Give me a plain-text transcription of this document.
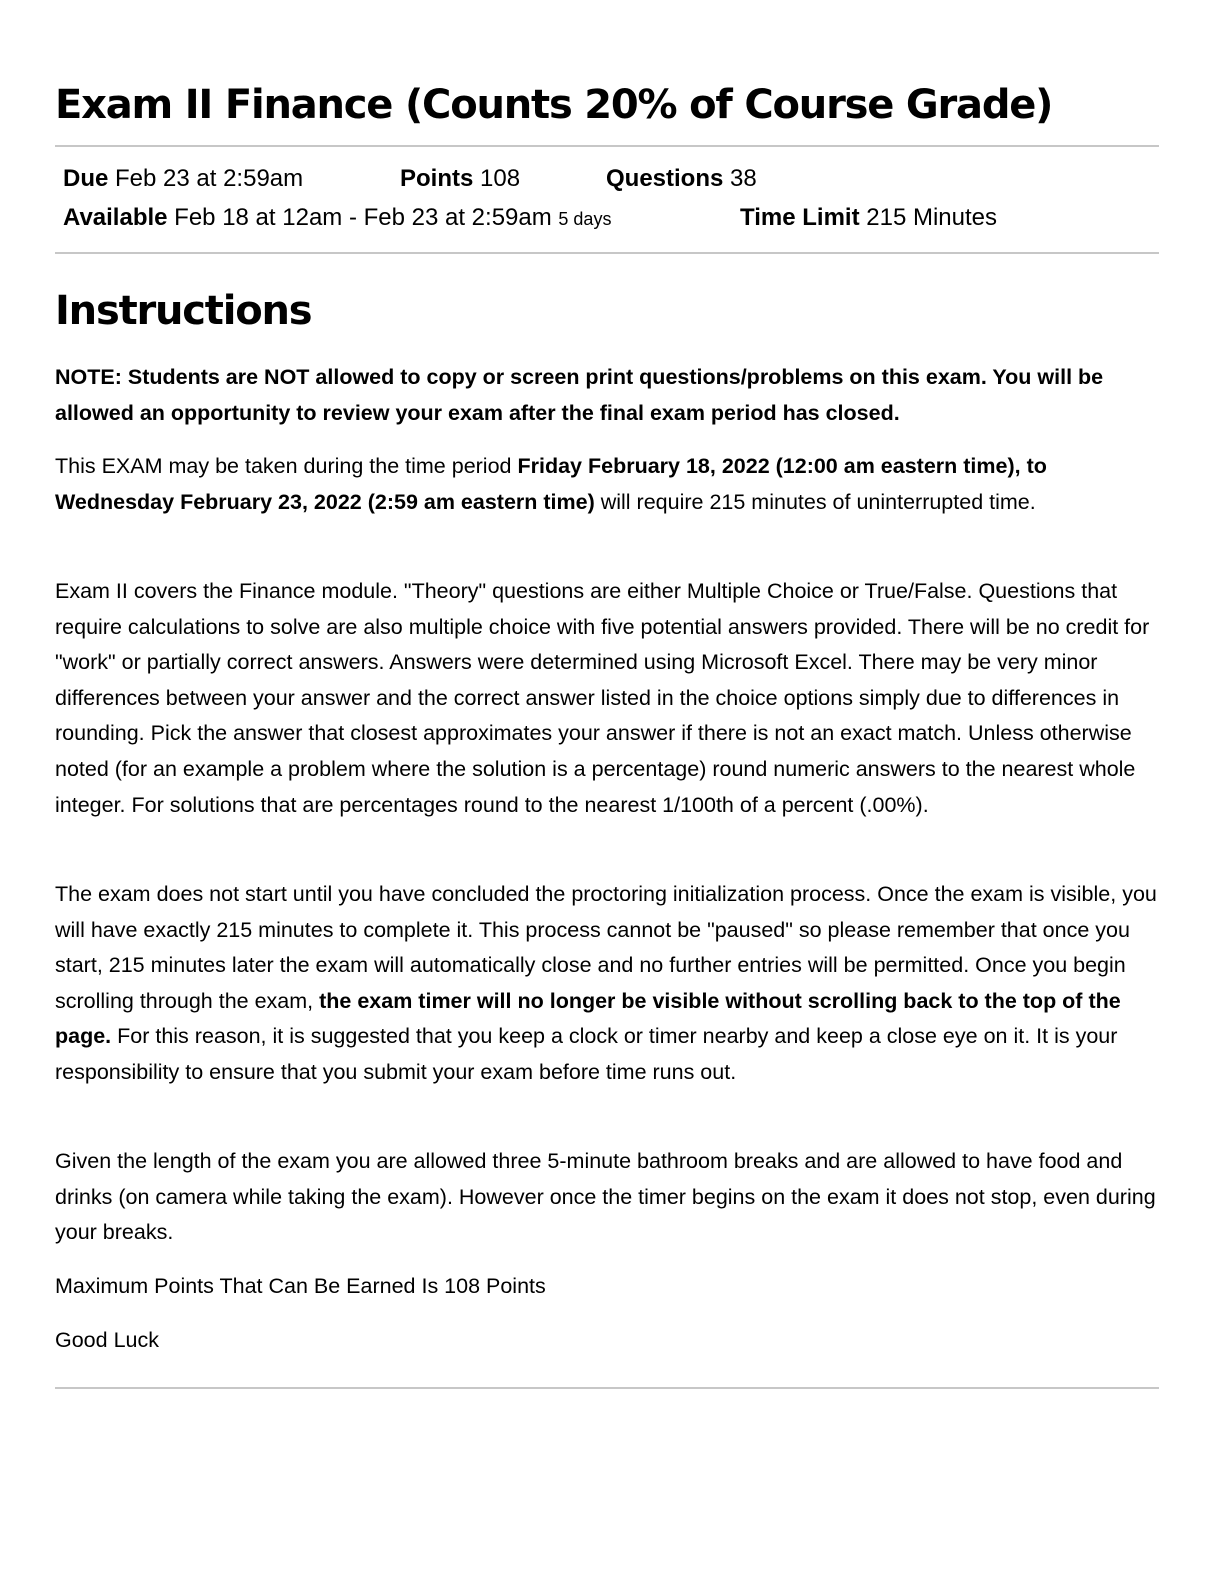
Exam II Finance (Counts 20% of Course Grade)
Due Feb 23 at 2:59am	Points 108	Questions 38
Available Feb 18 at 12am - Feb 23 at 2:59am 5 days	Time Limit 215 Minutes
Instructions

NOTE: Students are NOT allowed to copy or screen print questions/problems on this exam. You will be allowed an opportunity to review your exam after the final exam period has closed.

This EXAM may be taken during the time period Friday February 18, 2022 (12:00 am eastern time), to Wednesday February 23, 2022 (2:59 am eastern time) will require 215 minutes of uninterrupted time.

Exam II covers the Finance module. "Theory" questions are either Multiple Choice or True/False. Questions that require calculations to solve are also multiple choice with five potential answers provided. There will be no credit for "work" or partially correct answers. Answers were determined using Microsoft Excel. There may be very minor differences between your answer and the correct answer listed in the choice options simply due to differences in rounding. Pick the answer that closest approximates your answer if there is not an exact match. Unless otherwise noted (for an example a problem where the solution is a percentage) round numeric answers to the nearest whole integer. For solutions that are percentages round to the nearest 1/100th of a percent (.00%).

The exam does not start until you have concluded the proctoring initialization process. Once the exam is visible, you will have exactly 215 minutes to complete it. This process cannot be "paused" so please remember that once you start, 215 minutes later the exam will automatically close and no further entries will be permitted. Once you begin scrolling through the exam, the exam timer will no longer be visible without scrolling back to the top of the page. For this reason, it is suggested that you keep a clock or timer nearby and keep a close eye on it. It is your responsibility to ensure that you submit your exam before time runs out.

Given the length of the exam you are allowed three 5-minute bathroom breaks and are allowed to have food and drinks (on camera while taking the exam). However once the timer begins on the exam it does not stop, even during your breaks.

Maximum Points That Can Be Earned Is 108 Points

Good Luck
